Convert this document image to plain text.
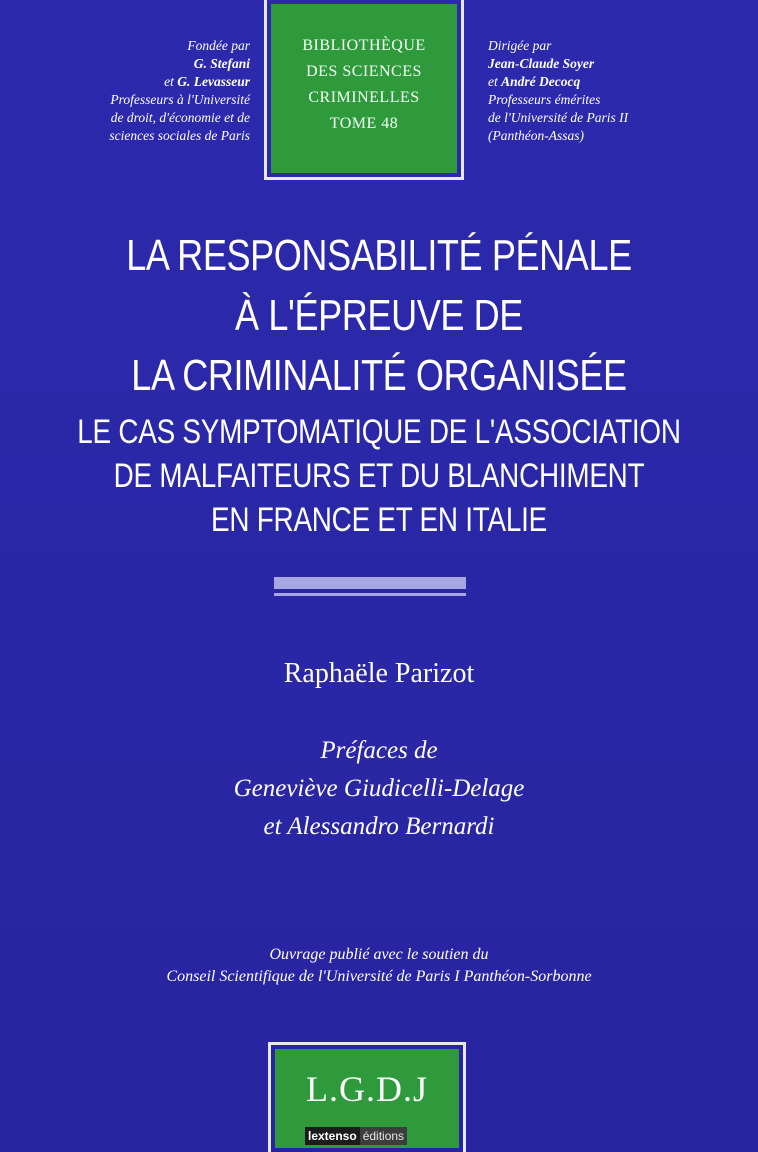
Fondée par
G. Stefani
et G. Levasseur
Professeurs à l'Université
de droit, d'économie et de
sciences sociales de Paris
BIBLIOTHÈQUE
DES SCIENCES
CRIMINELLES
TOME 48
Dirigée par
Jean-Claude Soyer
et André Decocq
Professeurs émérites
de l'Université de Paris II
(Panthéon-Assas)
LA RESPONSABILITÉ PÉNALE
À L'ÉPREUVE DE
LA CRIMINALITÉ ORGANISÉE
LE CAS SYMPTOMATIQUE DE L'ASSOCIATION
DE MALFAITEURS ET DU BLANCHIMENT
EN FRANCE ET EN ITALIE
Raphaële Parizot
Préfaces de
Geneviève Giudicelli-Delage
et Alessandro Bernardi
Ouvrage publié avec le soutien du
Conseil Scientifique de l'Université de Paris I Panthéon-Sorbonne
L.G.D.J
lextenso éditions
